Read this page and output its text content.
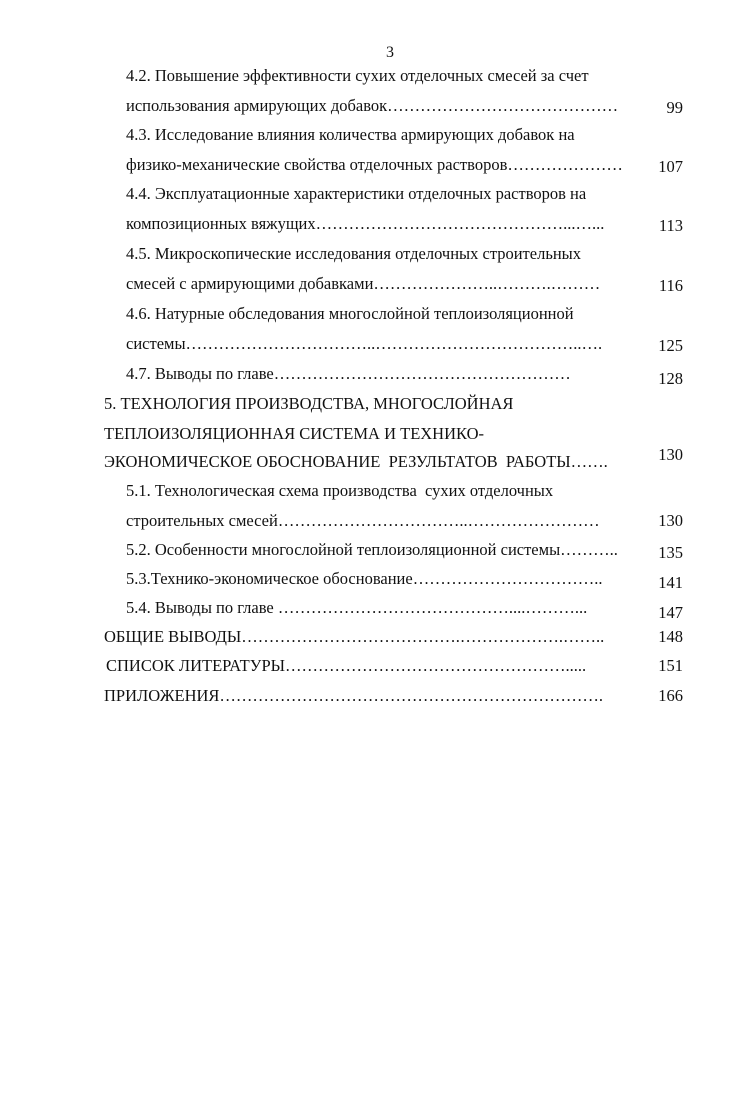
3
4.2. Повышение эффективности сухих отделочных смесей за счет
использования армирующих добавок……………………………………	99
4.3. Исследование влияния количества армирующих добавок на
физико-механические свойства отделочных растворов…………………	107
4.4. Эксплуатационные характеристики отделочных растворов на
композиционных вяжущих………………………………………...…...	113
4.5. Микроскопические исследования отделочных строительных
смесей с армирующими добавками…………………..……….………	116
4.6. Натурные обследования многослойной теплоизоляционной
системы……………………………..………………………………..….	125
4.7. Выводы по главе………………………………………………	128
5. ТЕХНОЛОГИЯ ПРОИЗВОДСТВА, МНОГОСЛОЙНАЯ
ТЕПЛОИЗОЛЯЦИОННАЯ СИСТЕМА И ТЕХНИКО-
ЭКОНОМИЧЕСКОЕ ОБОСНОВАНИЕ  РЕЗУЛЬТАТОВ  РАБОТЫ…….	130
5.1. Технологическая схема производства  сухих отделочных
строительных смесей……………………………..……………………	130
5.2. Особенности многослойной теплоизоляционной системы………..	135
5.3.Технико-экономическое обоснование……………………………..	141
5.4. Выводы по главе ……………………………………....………...	147
ОБЩИЕ ВЫВОДЫ………………………………….……………….……..	148
СПИСОК ЛИТЕРАТУРЫ…………………………………………….....	151
ПРИЛОЖЕНИЯ…………………………………………………………….	166
